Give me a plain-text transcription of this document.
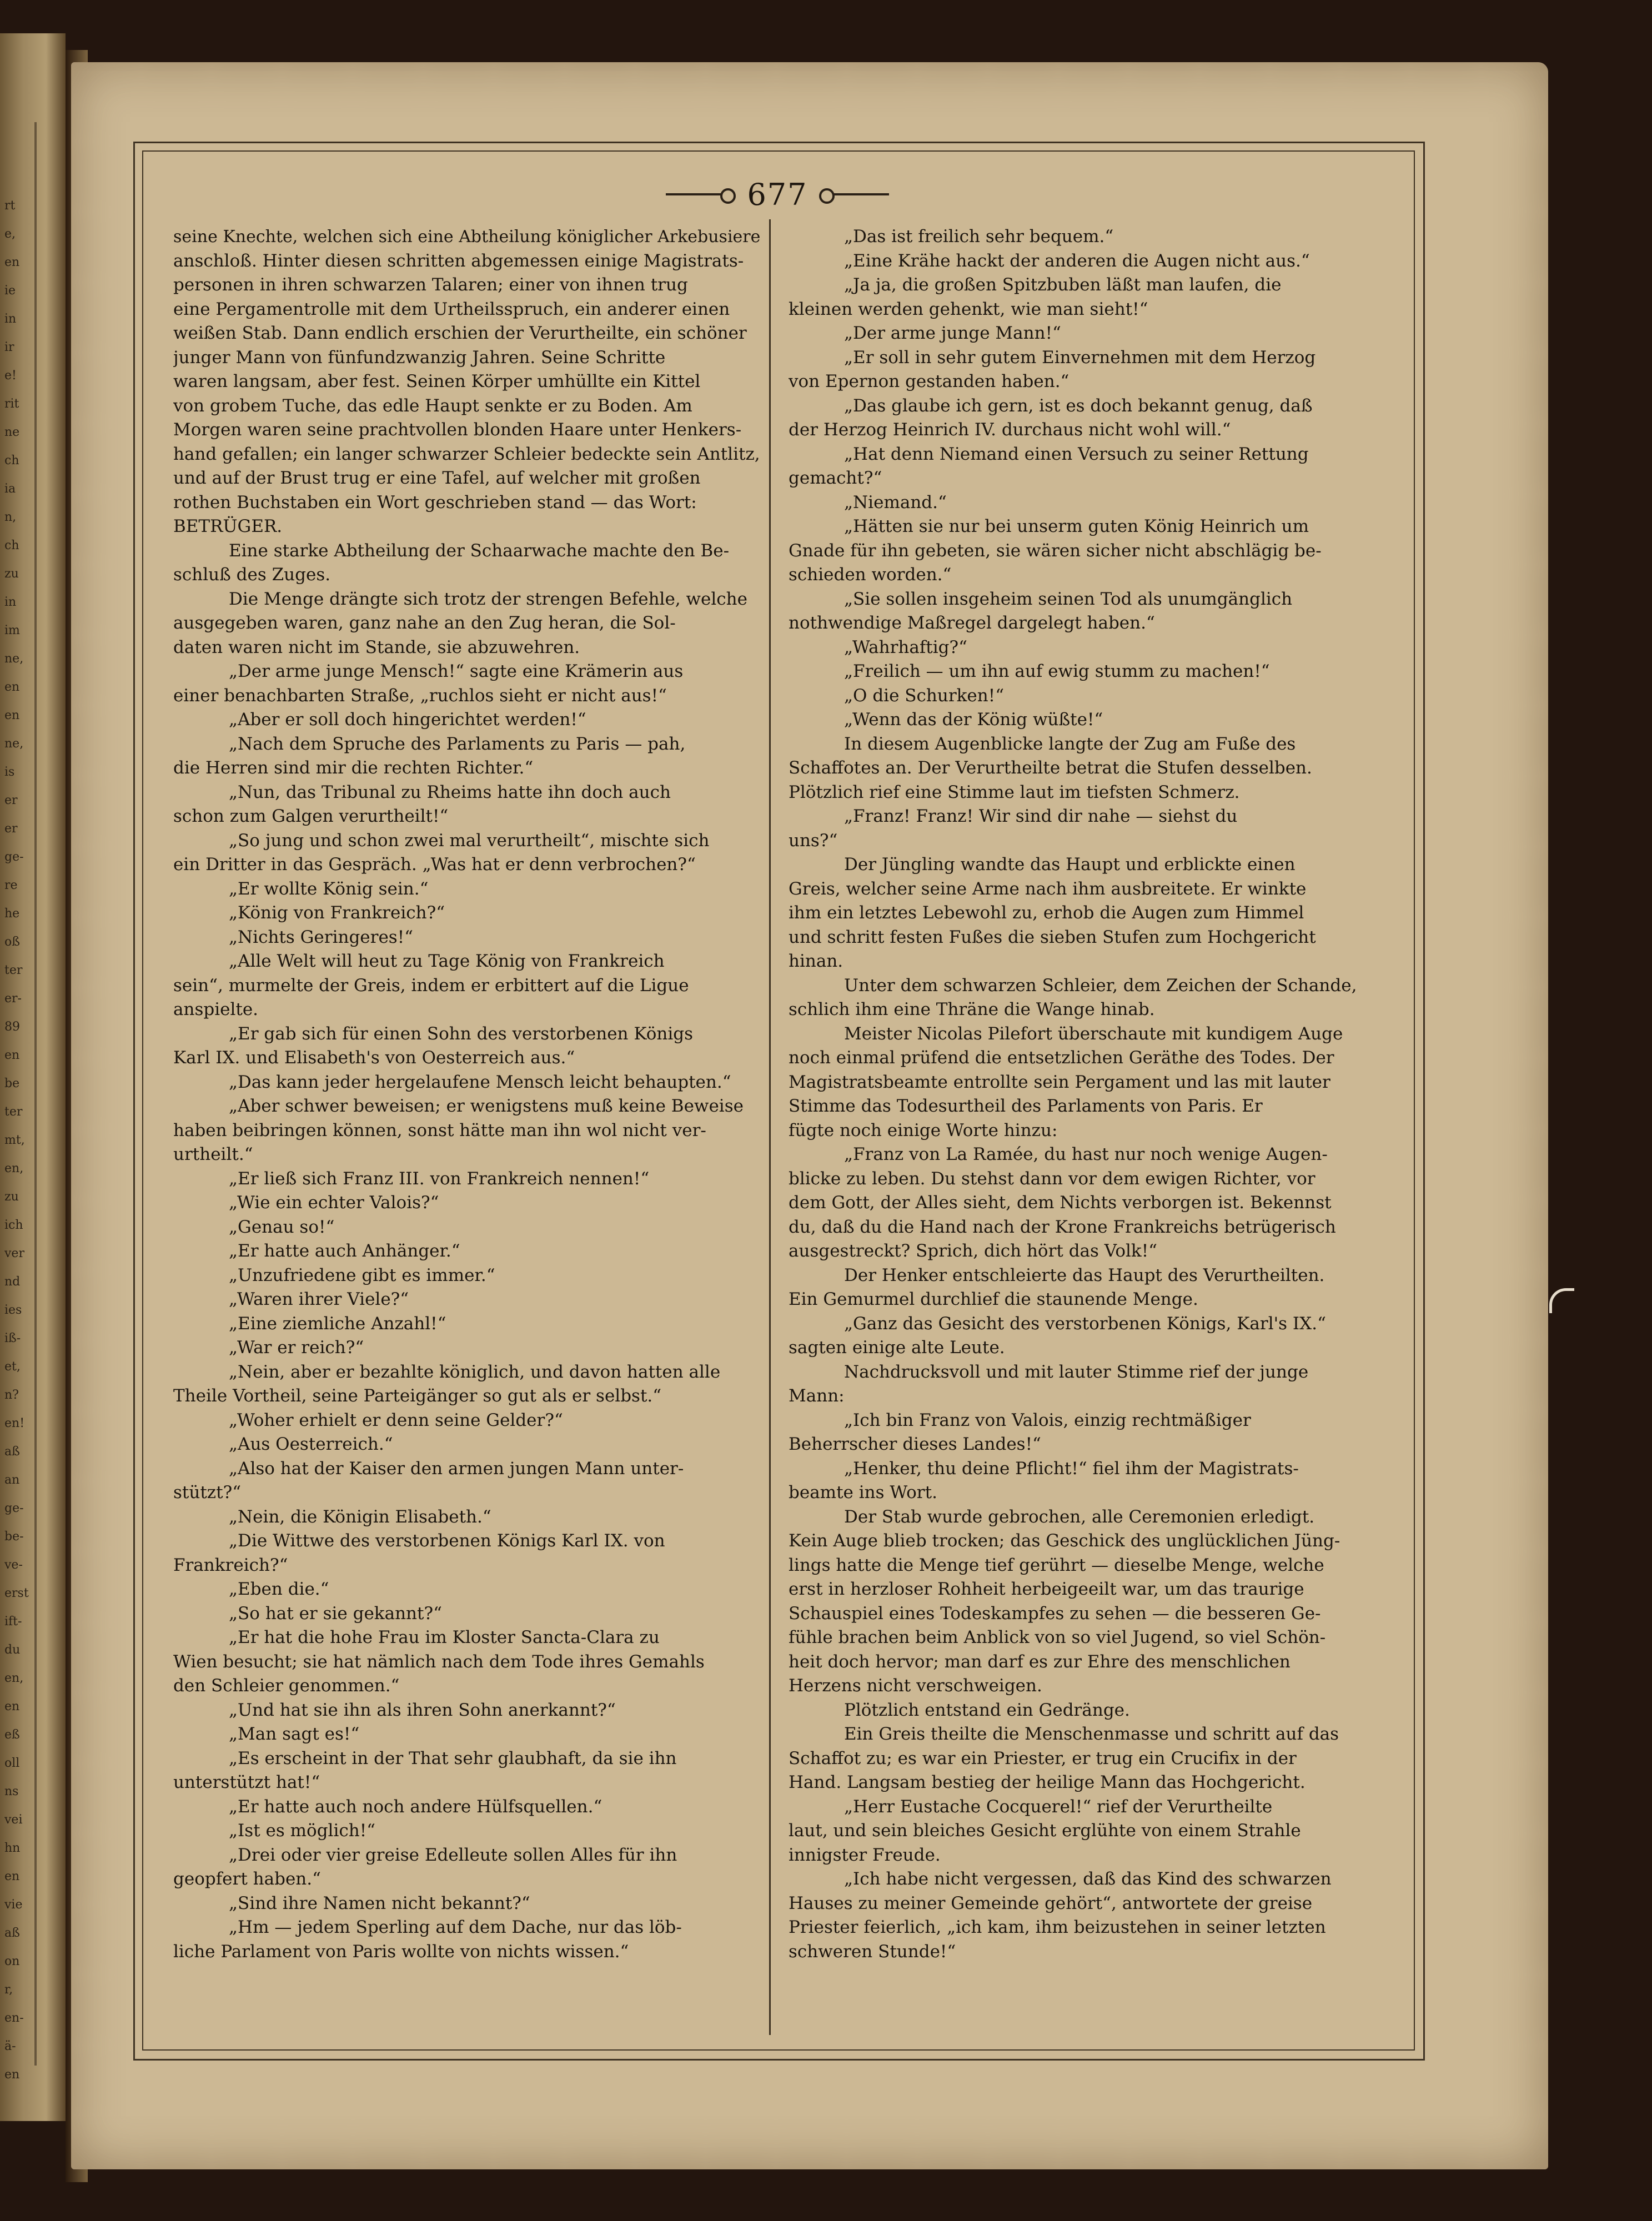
rt
e,
en
ie
in
ir
e!
rit
ne
ch
ia
n,
ch
zu
in
im
ne,
en
en
ne,
is
er
er
ge-
re
he
oß
ter
er-
89
en
be
ter
mt,
en,
zu
ich
ver
nd
ies
iß-
et,
n?
en!
aß
an
ge-
be-
ve-
erst
ift-
du
en,
en
eß
oll
ns
vei
hn
en
vie
aß
on
r,
en-
ä-
en
677

seine Knechte, welchen sich eine Abtheilung königlicher Arkebusiere

anschloß. Hinter diesen schritten abgemessen einige Magistrats-

personen in ihren schwarzen Talaren; einer von ihnen trug

eine Pergamentrolle mit dem Urtheilsspruch, ein anderer einen

weißen Stab. Dann endlich erschien der Verurtheilte, ein schöner

junger Mann von fünfundzwanzig Jahren. Seine Schritte

waren langsam, aber fest. Seinen Körper umhüllte ein Kittel

von grobem Tuche, das edle Haupt senkte er zu Boden. Am

Morgen waren seine prachtvollen blonden Haare unter Henkers-

hand gefallen; ein langer schwarzer Schleier bedeckte sein Antlitz,

und auf der Brust trug er eine Tafel, auf welcher mit großen

rothen Buchstaben ein Wort geschrieben stand — das Wort:

BETRÜGER.

Eine starke Abtheilung der Schaarwache machte den Be-

schluß des Zuges.

Die Menge drängte sich trotz der strengen Befehle, welche

ausgegeben waren, ganz nahe an den Zug heran, die Sol-

daten waren nicht im Stande, sie abzuwehren.

„Der arme junge Mensch!“ sagte eine Krämerin aus

einer benachbarten Straße, „ruchlos sieht er nicht aus!“

„Aber er soll doch hingerichtet werden!“

„Nach dem Spruche des Parlaments zu Paris — pah,

die Herren sind mir die rechten Richter.“

„Nun, das Tribunal zu Rheims hatte ihn doch auch

schon zum Galgen verurtheilt!“

„So jung und schon zwei mal verurtheilt“, mischte sich

ein Dritter in das Gespräch. „Was hat er denn verbrochen?“

„Er wollte König sein.“

„König von Frankreich?“

„Nichts Geringeres!“

„Alle Welt will heut zu Tage König von Frankreich

sein“, murmelte der Greis, indem er erbittert auf die Ligue

anspielte.

„Er gab sich für einen Sohn des verstorbenen Königs

Karl IX. und Elisabeth's von Oesterreich aus.“

„Das kann jeder hergelaufene Mensch leicht behaupten.“

„Aber schwer beweisen; er wenigstens muß keine Beweise

haben beibringen können, sonst hätte man ihn wol nicht ver-

urtheilt.“

„Er ließ sich Franz III. von Frankreich nennen!“

„Wie ein echter Valois?“

„Genau so!“

„Er hatte auch Anhänger.“

„Unzufriedene gibt es immer.“

„Waren ihrer Viele?“

„Eine ziemliche Anzahl!“

„War er reich?“

„Nein, aber er bezahlte königlich, und davon hatten alle

Theile Vortheil, seine Parteigänger so gut als er selbst.“

„Woher erhielt er denn seine Gelder?“

„Aus Oesterreich.“

„Also hat der Kaiser den armen jungen Mann unter-

stützt?“

„Nein, die Königin Elisabeth.“

„Die Wittwe des verstorbenen Königs Karl IX. von

Frankreich?“

„Eben die.“

„So hat er sie gekannt?“

„Er hat die hohe Frau im Kloster Sancta-Clara zu

Wien besucht; sie hat nämlich nach dem Tode ihres Gemahls

den Schleier genommen.“

„Und hat sie ihn als ihren Sohn anerkannt?“

„Man sagt es!“

„Es erscheint in der That sehr glaubhaft, da sie ihn

unterstützt hat!“

„Er hatte auch noch andere Hülfsquellen.“

„Ist es möglich!“

„Drei oder vier greise Edelleute sollen Alles für ihn

geopfert haben.“

„Sind ihre Namen nicht bekannt?“

„Hm — jedem Sperling auf dem Dache, nur das löb-

liche Parlament von Paris wollte von nichts wissen.“

„Das ist freilich sehr bequem.“

„Eine Krähe hackt der anderen die Augen nicht aus.“

„Ja ja, die großen Spitzbuben läßt man laufen, die

kleinen werden gehenkt, wie man sieht!“

„Der arme junge Mann!“

„Er soll in sehr gutem Einvernehmen mit dem Herzog

von Epernon gestanden haben.“

„Das glaube ich gern, ist es doch bekannt genug, daß

der Herzog Heinrich IV. durchaus nicht wohl will.“

„Hat denn Niemand einen Versuch zu seiner Rettung

gemacht?“

„Niemand.“

„Hätten sie nur bei unserm guten König Heinrich um

Gnade für ihn gebeten, sie wären sicher nicht abschlägig be-

schieden worden.“

„Sie sollen insgeheim seinen Tod als unumgänglich

nothwendige Maßregel dargelegt haben.“

„Wahrhaftig?“

„Freilich — um ihn auf ewig stumm zu machen!“

„O die Schurken!“

„Wenn das der König wüßte!“

In diesem Augenblicke langte der Zug am Fuße des

Schaffotes an. Der Verurtheilte betrat die Stufen desselben.

Plötzlich rief eine Stimme laut im tiefsten Schmerz.

„Franz! Franz! Wir sind dir nahe — siehst du

uns?“

Der Jüngling wandte das Haupt und erblickte einen

Greis, welcher seine Arme nach ihm ausbreitete. Er winkte

ihm ein letztes Lebewohl zu, erhob die Augen zum Himmel

und schritt festen Fußes die sieben Stufen zum Hochgericht

hinan.

Unter dem schwarzen Schleier, dem Zeichen der Schande,

schlich ihm eine Thräne die Wange hinab.

Meister Nicolas Pilefort überschaute mit kundigem Auge

noch einmal prüfend die entsetzlichen Geräthe des Todes. Der

Magistratsbeamte entrollte sein Pergament und las mit lauter

Stimme das Todesurtheil des Parlaments von Paris. Er

fügte noch einige Worte hinzu:

„Franz von La Ramée, du hast nur noch wenige Augen-

blicke zu leben. Du stehst dann vor dem ewigen Richter, vor

dem Gott, der Alles sieht, dem Nichts verborgen ist. Bekennst

du, daß du die Hand nach der Krone Frankreichs betrügerisch

ausgestreckt? Sprich, dich hört das Volk!“

Der Henker entschleierte das Haupt des Verurtheilten.

Ein Gemurmel durchlief die staunende Menge.

„Ganz das Gesicht des verstorbenen Königs, Karl's IX.“

sagten einige alte Leute.

Nachdrucksvoll und mit lauter Stimme rief der junge

Mann:

„Ich bin Franz von Valois, einzig rechtmäßiger

Beherrscher dieses Landes!“

„Henker, thu deine Pflicht!“ fiel ihm der Magistrats-

beamte ins Wort.

Der Stab wurde gebrochen, alle Ceremonien erledigt.

Kein Auge blieb trocken; das Geschick des unglücklichen Jüng-

lings hatte die Menge tief gerührt — dieselbe Menge, welche

erst in herzloser Rohheit herbeigeeilt war, um das traurige

Schauspiel eines Todeskampfes zu sehen — die besseren Ge-

fühle brachen beim Anblick von so viel Jugend, so viel Schön-

heit doch hervor; man darf es zur Ehre des menschlichen

Herzens nicht verschweigen.

Plötzlich entstand ein Gedränge.

Ein Greis theilte die Menschenmasse und schritt auf das

Schaffot zu; es war ein Priester, er trug ein Crucifix in der

Hand. Langsam bestieg der heilige Mann das Hochgericht.

„Herr Eustache Cocquerel!“ rief der Verurtheilte

laut, und sein bleiches Gesicht erglühte von einem Strahle

innigster Freude.

„Ich habe nicht vergessen, daß das Kind des schwarzen

Hauses zu meiner Gemeinde gehört“, antwortete der greise

Priester feierlich, „ich kam, ihm beizustehen in seiner letzten

schweren Stunde!“
